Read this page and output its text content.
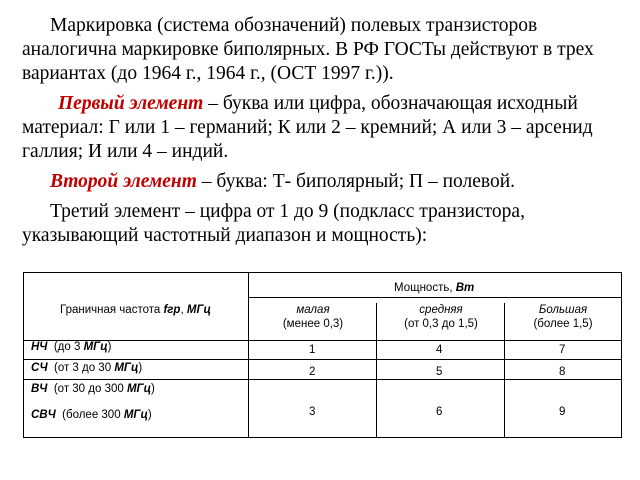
Маркировка (система обозначений) полевых транзисторов аналогична маркировке биполярных. В РФ ГОСТы действуют в трех вариантах (до 1964 г., 1964 г., (ОСТ 1997 г.)).

Первый элемент – буква или цифра, обозначающая исходный материал: Г или 1 – германий; К или 2 – кремний; А или 3 – арсенид галлия; И или 4 – индий.

Второй элемент – буква: Т- биполярный; П – полевой.

Третий элемент – цифра от 1 до 9 (подкласс транзистора, указывающий частотный диапазон и мощность):

Граничная частота fгр, МГц
Мощность, Вт
малая
(менее 0,3)
средняя
(от 0,3 до 1,5)
Большая
(более 1,5)
НЧ (до 3 МГц)
СЧ (от 3 до 30 МГц)
ВЧ (от 30 до 300 МГц)
СВЧ (более 300 МГц)
1
2
3
4
5
6
7
8
9
